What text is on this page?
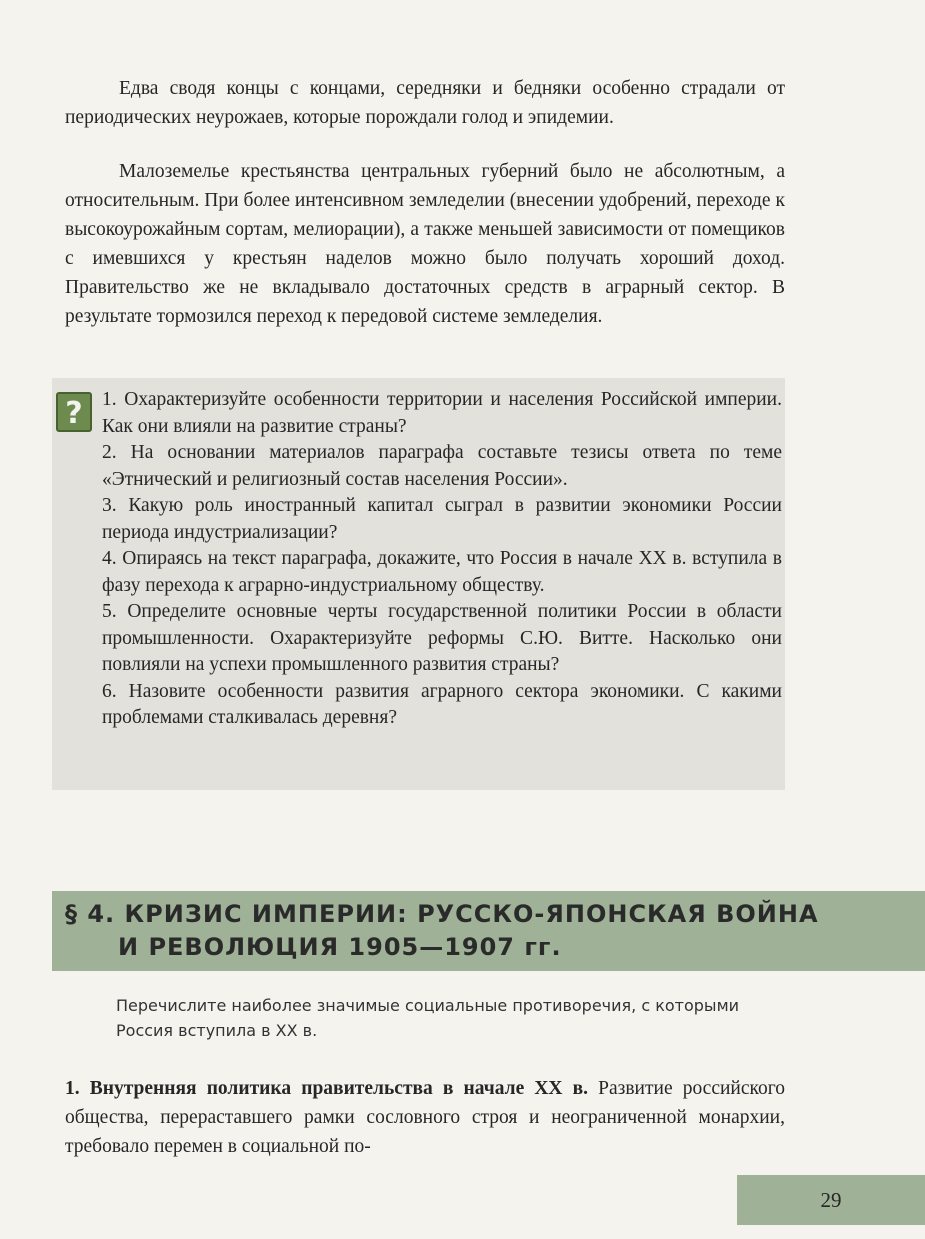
Едва сводя концы с концами, середняки и бедняки особенно страдали от периодических неурожаев, которые порождали голод и эпидемии.

Малоземелье крестьянства центральных губерний было не абсолютным, а относительным. При более интенсивном земледелии (внесении удобрений, переходе к высокоурожайным сортам, мелиорации), а также меньшей зависимости от помещиков с имевшихся у крестьян наделов можно было получать хороший доход. Правительство же не вкладывало достаточных средств в аграрный сектор. В результате тормозился переход к передовой системе земледелия.

? 1. Охарактеризуйте особенности территории и населения Российской империи. Как они влияли на развитие страны?
2. На основании материалов параграфа составьте тезисы ответа по теме «Этнический и религиозный состав населения России».
3. Какую роль иностранный капитал сыграл в развитии экономики России периода индустриализации?
4. Опираясь на текст параграфа, докажите, что Россия в начале XX в. вступила в фазу перехода к аграрно-индустриальному обществу.
5. Определите основные черты государственной политики России в области промышленности. Охарактеризуйте реформы С.Ю. Витте. Насколько они повлияли на успехи промышленного развития страны?
6. Назовите особенности развития аграрного сектора экономики. С какими проблемами сталкивалась деревня?
§ 4. КРИЗИС ИМПЕРИИ: РУССКО-ЯПОНСКАЯ ВОЙНА
И РЕВОЛЮЦИЯ 1905—1907 гг.

Перечислите наиболее значимые социальные противоречия, с которыми Россия вступила в XX в.

1. Внутренняя политика правительства в начале XX в. Развитие российского общества, перераставшего рамки сословного строя и неограниченной монархии, требовало перемен в социальной по-

29
